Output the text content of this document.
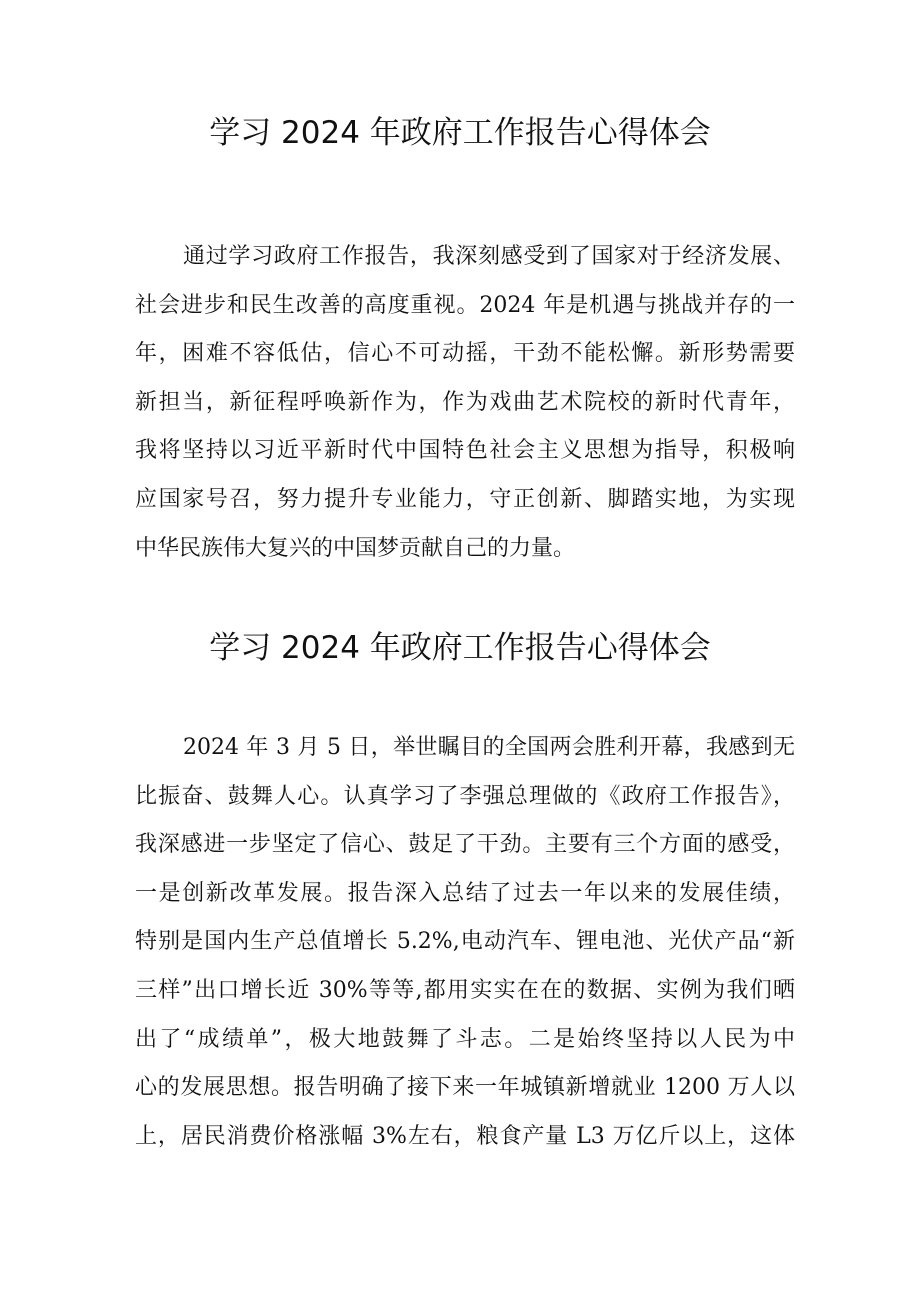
学习 2024 年政府工作报告心得体会
通过学习政府工作报告，我深刻感受到了国家对于经济发展、
社会进步和民生改善的高度重视。2024 年是机遇与挑战并存的一
年，困难不容低估，信心不可动摇，干劲不能松懈。新形势需要
新担当，新征程呼唤新作为，作为戏曲艺术院校的新时代青年，
我将坚持以习近平新时代中国特色社会主义思想为指导，积极响
应国家号召，努力提升专业能力，守正创新、脚踏实地，为实现
中华民族伟大复兴的中国梦贡献自己的力量。
学习 2024 年政府工作报告心得体会
2024 年 3 月 5 日，举世瞩目的全国两会胜利开幕，我感到无
比振奋、鼓舞人心。认真学习了李强总理做的《政府工作报告》，
我深感进一步坚定了信心、鼓足了干劲。主要有三个方面的感受，
一是创新改革发展。报告深入总结了过去一年以来的发展佳绩，
特别是国内生产总值增长 5.2%,电动汽车、锂电池、光伏产品“新
三样”出口增长近 30%等等,都用实实在在的数据、实例为我们晒
出了“成绩单”，极大地鼓舞了斗志。二是始终坚持以人民为中
心的发展思想。报告明确了接下来一年城镇新增就业 1200 万人以
上，居民消费价格涨幅 3%左右，粮食产量 L3 万亿斤以上，这体
